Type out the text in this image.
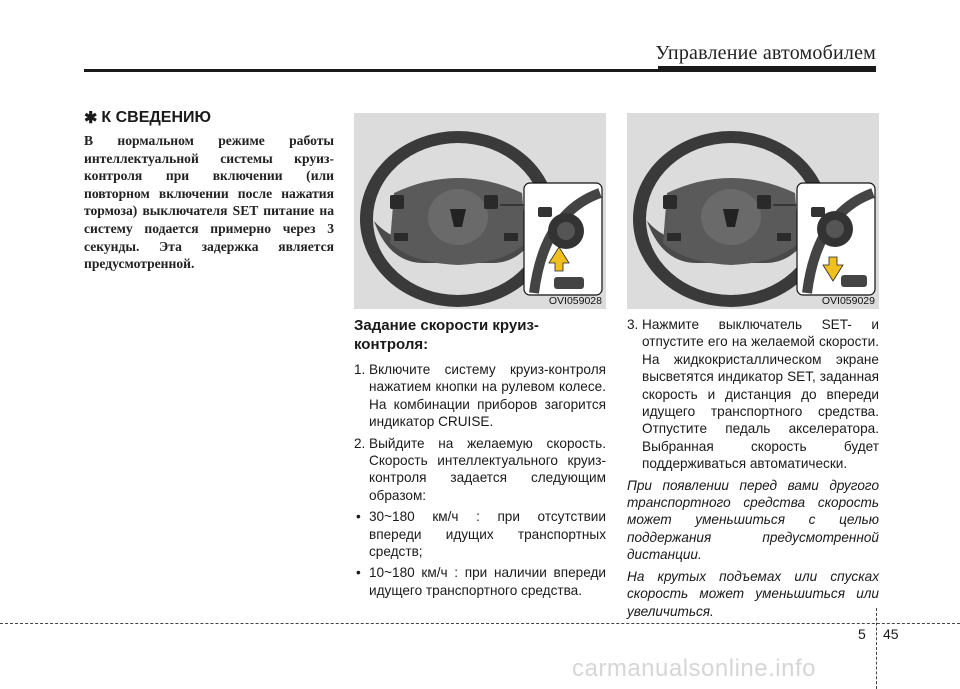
Управление автомобилем
✱ К СВЕДЕНИЮ

В нормальном режиме работы интеллектуальной системы круиз-контроля при включении (или повторном включении после нажатия тормоза) выключателя SET питание на систему подается примерно через 3 секунды. Эта задержка является предусмотренной.

OVI059028	OVI059029
Задание скорости круиз-контроля:
1. Включите систему круиз-контроля нажатием кнопки на рулевом колесе. На комбинации приборов загорится индикатор CRUISE.
2. Выйдите на желаемую скорость. Скорость интеллектуального круиз-контроля задается следующим образом:
• 30~180 км/ч : при отсутствии впереди идущих транспортных средств;
• 10~180 км/ч : при наличии впереди идущего транспортного средства.
3. Нажмите выключатель SET- и отпустите его на желаемой скорости. На жидкокристаллическом экране высветятся индикатор SET, заданная скорость и дистанция до впереди идущего транспортного средства. Отпустите педаль акселератора. Выбранная скорость будет поддерживаться автоматически.

При появлении перед вами другого транспортного средства скорость может уменьшиться с целью поддержания предусмотренной дистанции.

На крутых подъемах или спусках скорость может уменьшиться или увеличиться.

5 45
carmanualsonline.info
